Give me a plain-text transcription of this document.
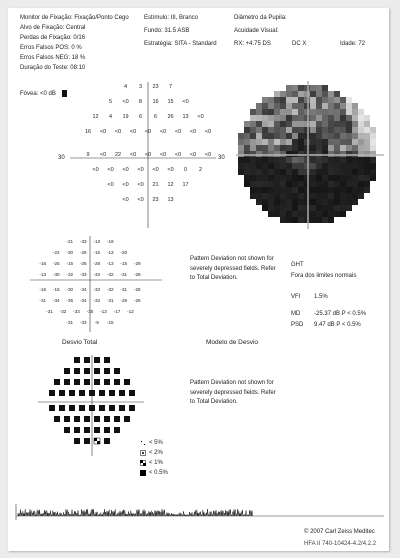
Monitor de Fixação: Fixação/Ponto Cego
Alvo de Fixação: Central
Perdas de Fixação: 0/16
Erros Falsos POS: 0 %
Erros Falsos NEG: 18 %
Duração do Teste: 08:10
Estímulo: III, Branco
Fundo: 31.5 ASB
Estratégia: SITA - Standard
Diâmetro da Pupila:
Acuidade Visual:
RX: +4.75 DS	DC X	Idade: 72
Fóvea: <0 dB
4 3 23 7
5 <0 8 16 15 <0
12 4 19 6 6 26 13 <0
16 <0 <0 <0 <0 <0 <0 <0 <0
9 <0 22 <0 <0 <0 <0 <0 <0
<0 <0 <0 <0 <0 <0 0 2
<0 <0 <0 21 12 17
<0 <0 23 13
30	30
-21 -33 -13 -19
-22 -30 -28 -16 -13 -20
-16 -25 -15 -26 -28 -13 -15 -29
-13 -30 -32 -33 -33 -32 -31 -28
-16 -15 -30 -34 -33 -32 -31 -26
-31 -34 -35 -34 -33 -31 -28 -26
-31 -32 -33 -30 -13 -17 -12
-31 -33 -9 -15
Pattern Deviation not shown for severely depressed fields. Refer to Total Deviation.
GHT
Fora dos limites normais
VFI 1.5%
MD -25.37 dB P < 0.5%
PSD 9.47 dB P < 0.5%
Desvio Total	Modelo de Desvio
Pattern Deviation not shown for severely depressed fields. Refer to Total Deviation.
< 5%
< 2%
< 1%
< 0.5%
© 2007 Carl Zeiss Meditec
HFA II 740-10424-4.2/4.2.2
